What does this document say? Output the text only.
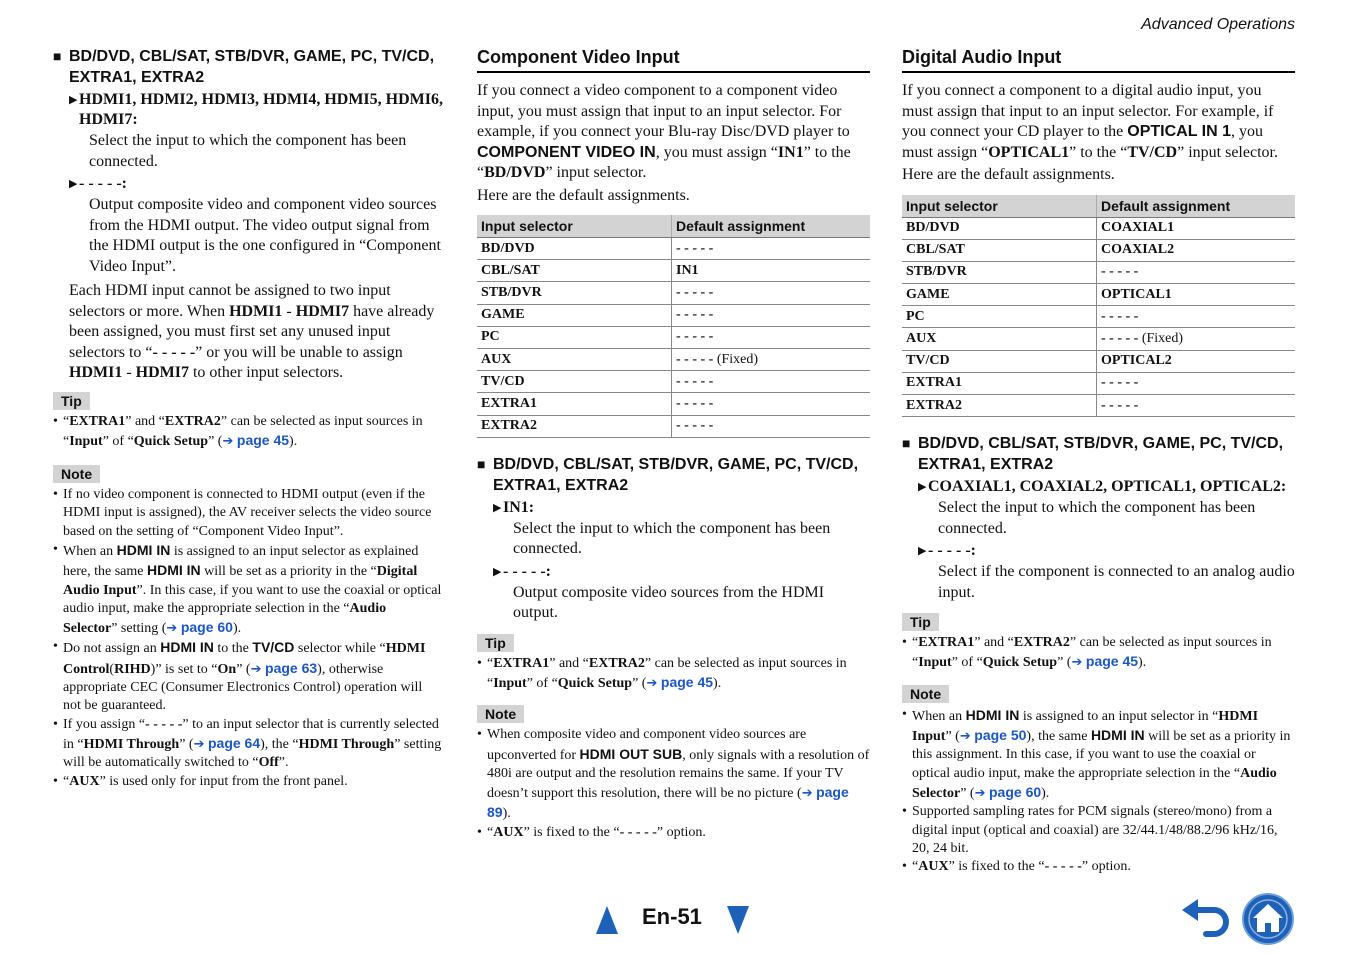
Advanced Operations
■ BD/DVD, CBL/SAT, STB/DVR, GAME, PC, TV/CD, EXTRA1, EXTRA2
▶ HDMI1, HDMI2, HDMI3, HDMI4, HDMI5, HDMI6, HDMI7:

Select the input to which the component has been connected.

▶ - - - - -:

Output composite video and component video sources from the HDMI output. The video output signal from the HDMI output is the one configured in “Component Video Input”.

Each HDMI input cannot be assigned to two input selectors or more. When HDMI1 - HDMI7 have already been assigned, you must first set any unused input selectors to “- - - - -” or you will be unable to assign HDMI1 - HDMI7 to other input selectors.

Tip
• “EXTRA1” and “EXTRA2” can be selected as input sources in “Input” of “Quick Setup” (➔ page 45).
Note
• If no video component is connected to HDMI output (even if the HDMI input is assigned), the AV receiver selects the video source based on the setting of “Component Video Input”.
• When an HDMI IN is assigned to an input selector as explained here, the same HDMI IN will be set as a priority in the “Digital Audio Input”. In this case, if you want to use the coaxial or optical audio input, make the appropriate selection in the “Audio Selector” setting (➔ page 60).
• Do not assign an HDMI IN to the TV/CD selector while “HDMI Control(RIHD)” is set to “On” (➔ page 63), otherwise appropriate CEC (Consumer Electronics Control) operation will not be guaranteed.
• If you assign “- - - - -” to an input selector that is currently selected in “HDMI Through” (➔ page 64), the “HDMI Through” setting will be automatically switched to “Off”.
• “AUX” is used only for input from the front panel.
Component Video Input

If you connect a video component to a component video input, you must assign that input to an input selector. For example, if you connect your Blu-ray Disc/DVD player to COMPONENT VIDEO IN, you must assign “IN1” to the “BD/DVD” input selector.

Here are the default assignments.

Input selector	Default assignment
BD/DVD	- - - - -
CBL/SAT	IN1
STB/DVR	- - - - -
GAME	- - - - -
PC	- - - - -
AUX	- - - - - (Fixed)
TV/CD	- - - - -
EXTRA1	- - - - -
EXTRA2	- - - - -
■ BD/DVD, CBL/SAT, STB/DVR, GAME, PC, TV/CD, EXTRA1, EXTRA2
▶ IN1:

Select the input to which the component has been connected.

▶ - - - - -:

Output composite video sources from the HDMI output.

Tip
• “EXTRA1” and “EXTRA2” can be selected as input sources in “Input” of “Quick Setup” (➔ page 45).
Note
• When composite video and component video sources are upconverted for HDMI OUT SUB, only signals with a resolution of 480i are output and the resolution remains the same. If your TV doesn’t support this resolution, there will be no picture (➔ page 89).
• “AUX” is fixed to the “- - - - -” option.
Digital Audio Input

If you connect a component to a digital audio input, you must assign that input to an input selector. For example, if you connect your CD player to the OPTICAL IN 1, you must assign “OPTICAL1” to the “TV/CD” input selector.

Here are the default assignments.

Input selector	Default assignment
BD/DVD	COAXIAL1
CBL/SAT	COAXIAL2
STB/DVR	- - - - -
GAME	OPTICAL1
PC	- - - - -
AUX	- - - - - (Fixed)
TV/CD	OPTICAL2
EXTRA1	- - - - -
EXTRA2	- - - - -
■ BD/DVD, CBL/SAT, STB/DVR, GAME, PC, TV/CD, EXTRA1, EXTRA2
▶ COAXIAL1, COAXIAL2, OPTICAL1, OPTICAL2:

Select the input to which the component has been connected.

▶ - - - - -:

Select if the component is connected to an analog audio input.

Tip
• “EXTRA1” and “EXTRA2” can be selected as input sources in “Input” of “Quick Setup” (➔ page 45).
Note
• When an HDMI IN is assigned to an input selector in “HDMI Input” (➔ page 50), the same HDMI IN will be set as a priority in this assignment. In this case, if you want to use the coaxial or optical audio input, make the appropriate selection in the “Audio Selector” (➔ page 60).
• Supported sampling rates for PCM signals (stereo/mono) from a digital input (optical and coaxial) are 32/44.1/48/88.2/96 kHz/16, 20, 24 bit.
• “AUX” is fixed to the “- - - - -” option.
En-51
